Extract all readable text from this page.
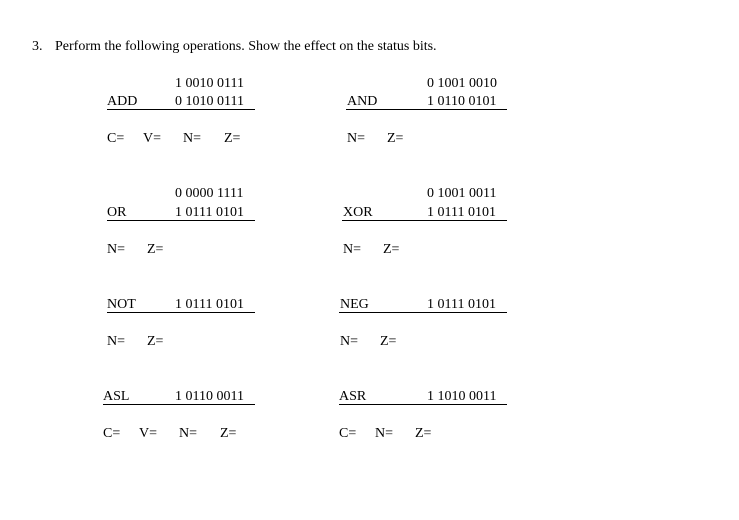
3. Perform the following operations. Show the effect on the status bits.
1 0010 0111
ADD	0 1010 0111
C= V= N= Z=
0 1001 0010
AND	1 0110 0101
N= Z=
0 0000 1111
OR	1 0111 0101
N= Z=
0 1001 0011
XOR	1 0111 0101
N= Z=
NOT	1 0111 0101
N= Z=
NEG	1 0111 0101
N= Z=
ASL	1 0110 0011
C= V= N= Z=
ASR	1 1010 0011
C= N= Z=
